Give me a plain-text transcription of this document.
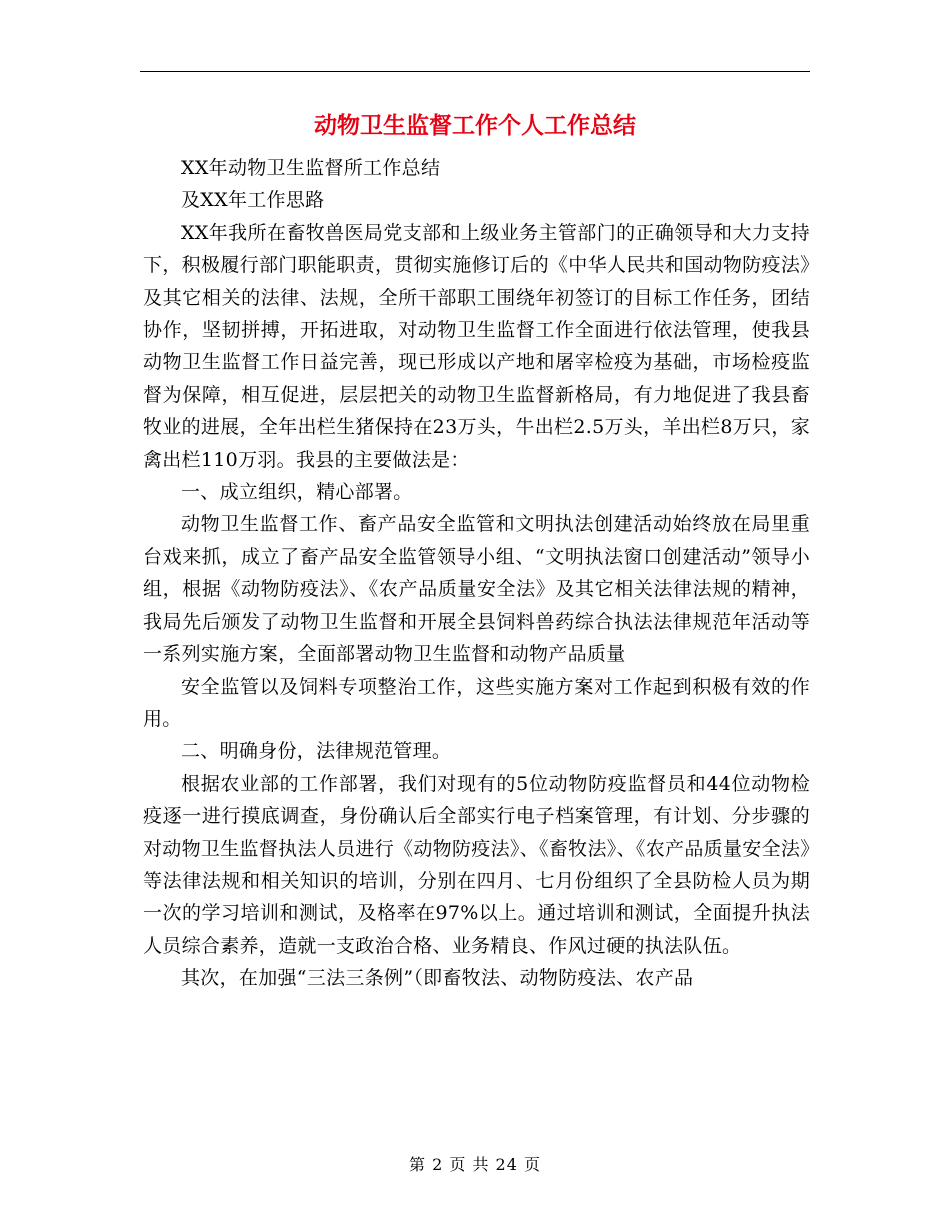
动物卫生监督工作个人工作总结

XX年动物卫生监督所工作总结

及XX年工作思路

XX年我所在畜牧兽医局党支部和上级业务主管部门的正确领导和大力支持下，积极履行部门职能职责，贯彻实施修订后的《中华人民共和国动物防疫法》及其它相关的法律、法规，全所干部职工围绕年初签订的目标工作任务，团结协作，坚韧拼搏，开拓进取，对动物卫生监督工作全面进行依法管理，使我县动物卫生监督工作日益完善，现已形成以产地和屠宰检疫为基础，市场检疫监督为保障，相互促进，层层把关的动物卫生监督新格局，有力地促进了我县畜牧业的进展，全年出栏生猪保持在23万头，牛出栏2.5万头，羊出栏8万只，家禽出栏110万羽。我县的主要做法是：

一、成立组织，精心部署。

动物卫生监督工作、畜产品安全监管和文明执法创建活动始终放在局里重台戏来抓，成立了畜产品安全监管领导小组、“文明执法窗口创建活动”领导小组，根据《动物防疫法》、《农产品质量安全法》及其它相关法律法规的精神，我局先后颁发了动物卫生监督和开展全县饲料兽药综合执法法律规范年活动等一系列实施方案，全面部署动物卫生监督和动物产品质量

安全监管以及饲料专项整治工作，这些实施方案对工作起到积极有效的作用。

二、明确身份，法律规范管理。

根据农业部的工作部署，我们对现有的5位动物防疫监督员和44位动物检疫逐一进行摸底调查，身份确认后全部实行电子档案管理，有计划、分步骤的对动物卫生监督执法人员进行《动物防疫法》、《畜牧法》、《农产品质量安全法》等法律法规和相关知识的培训，分别在四月、七月份组织了全县防检人员为期一次的学习培训和测试，及格率在97%以上。通过培训和测试，全面提升执法人员综合素养，造就一支政治合格、业务精良、作风过硬的执法队伍。

其次，在加强“三法三条例”（即畜牧法、动物防疫法、农产品

第 2 页 共 24 页
